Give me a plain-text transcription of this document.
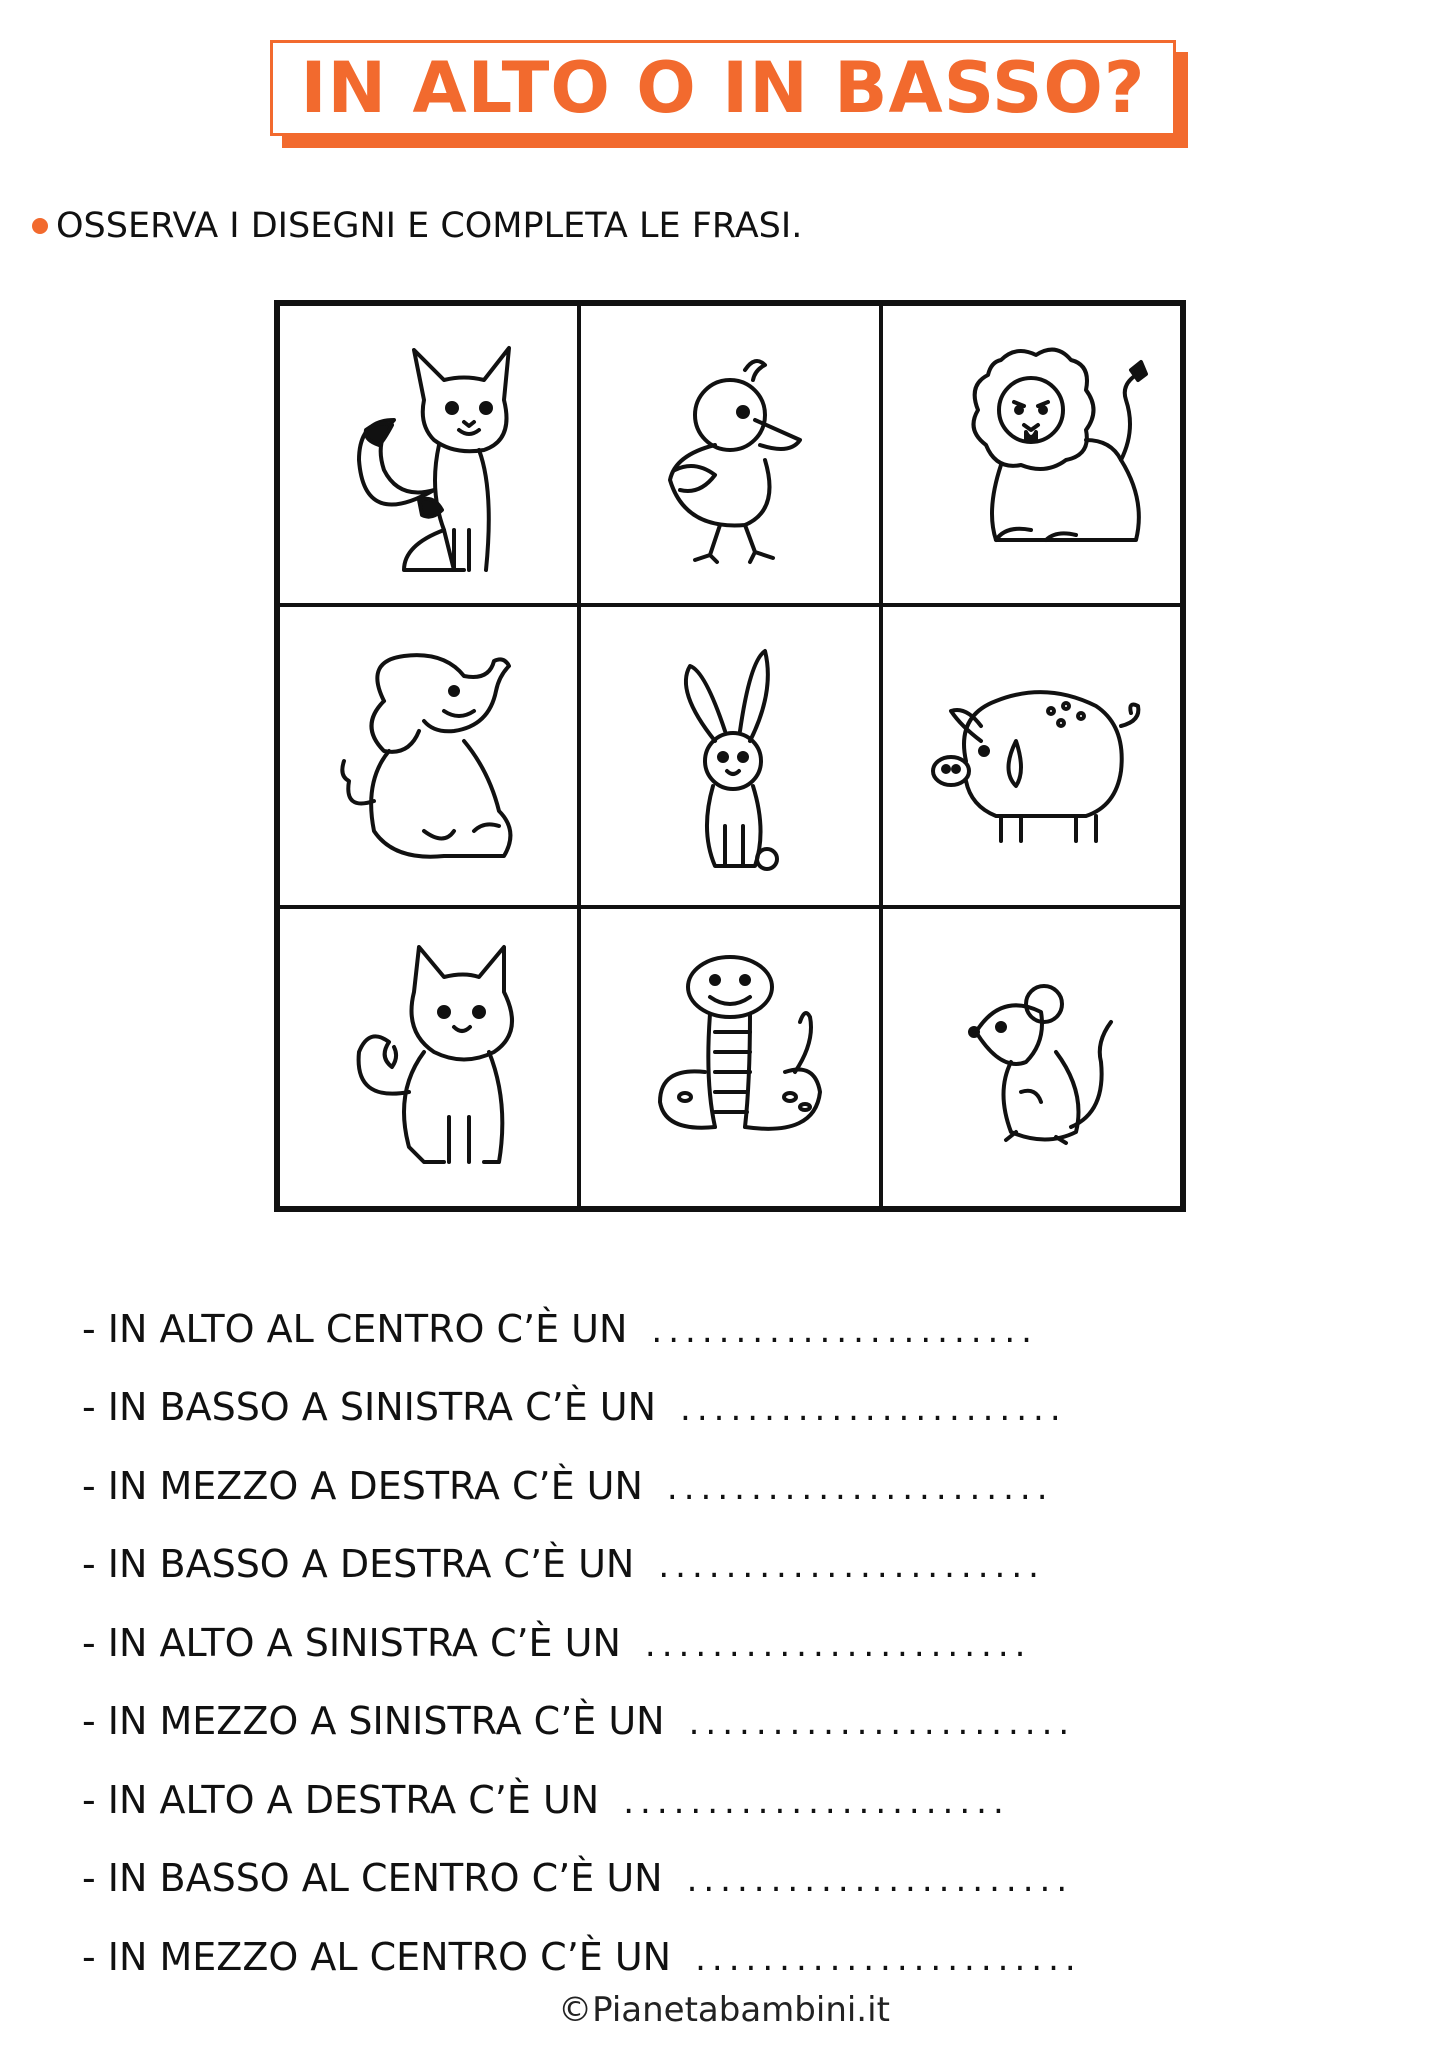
IN ALTO O IN BASSO?
OSSERVA I DISEGNI E COMPLETA LE FRASI.
- IN ALTO AL CENTRO C’È UN .......................
- IN BASSO A SINISTRA C’È UN .......................
- IN MEZZO A DESTRA C’È UN .......................
- IN BASSO A DESTRA C’È UN .......................
- IN ALTO A SINISTRA C’È UN .......................
- IN MEZZO A SINISTRA C’È UN .......................
- IN ALTO A DESTRA C’È UN .......................
- IN BASSO AL CENTRO C’È UN .......................
- IN MEZZO AL CENTRO C’È UN .......................
©Pianetabambini.it
